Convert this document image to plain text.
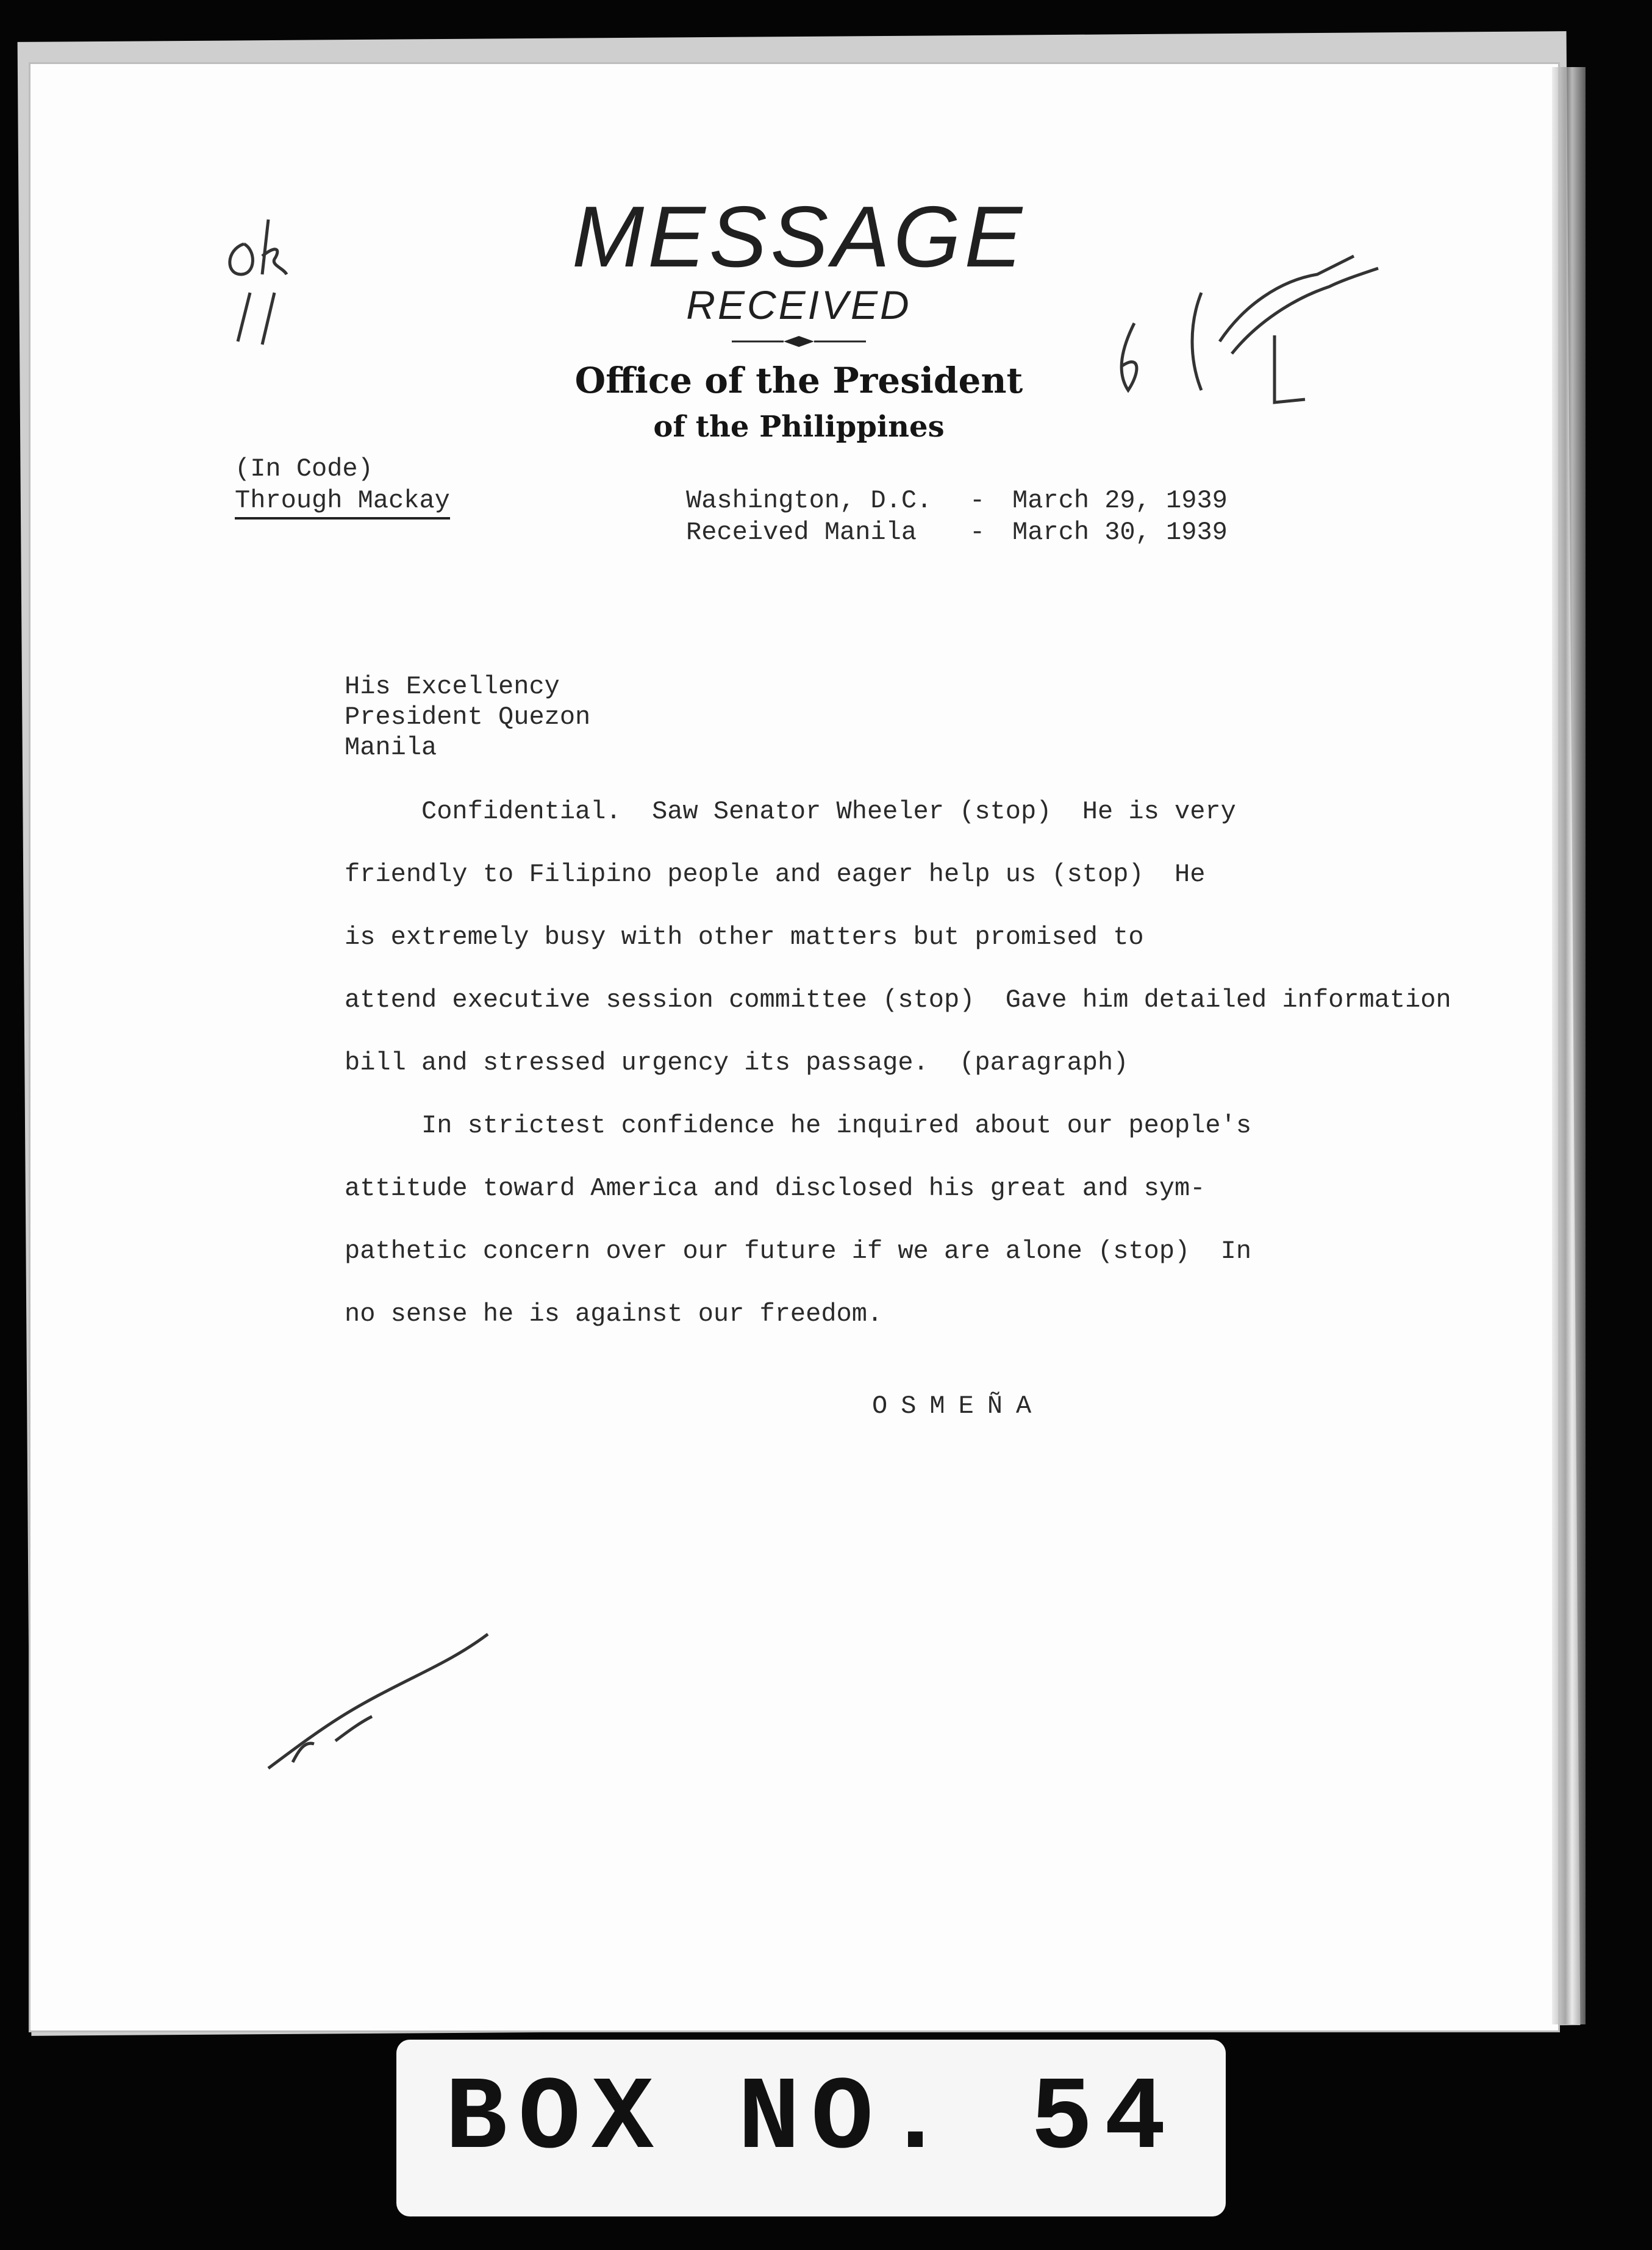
MESSAGE
RECEIVED
Office of the President
of the Philippines
(In Code)
Through Mackay	Washington, D.C. - March 29, 1939
Received Manila - March 30, 1939
His Excellency
President Quezon
Manila
Confidential.  Saw Senator Wheeler (stop)  He is very
friendly to Filipino people and eager help us (stop)  He
is extremely busy with other matters but promised to
attend executive session committee (stop)  Gave him detailed information
bill and stressed urgency its passage.  (paragraph)
In strictest confidence he inquired about our people's
attitude toward America and disclosed his great and sym-
pathetic concern over our future if we are alone (stop)  In
no sense he is against our freedom.
OSMEÑA
BOX NO. 54
